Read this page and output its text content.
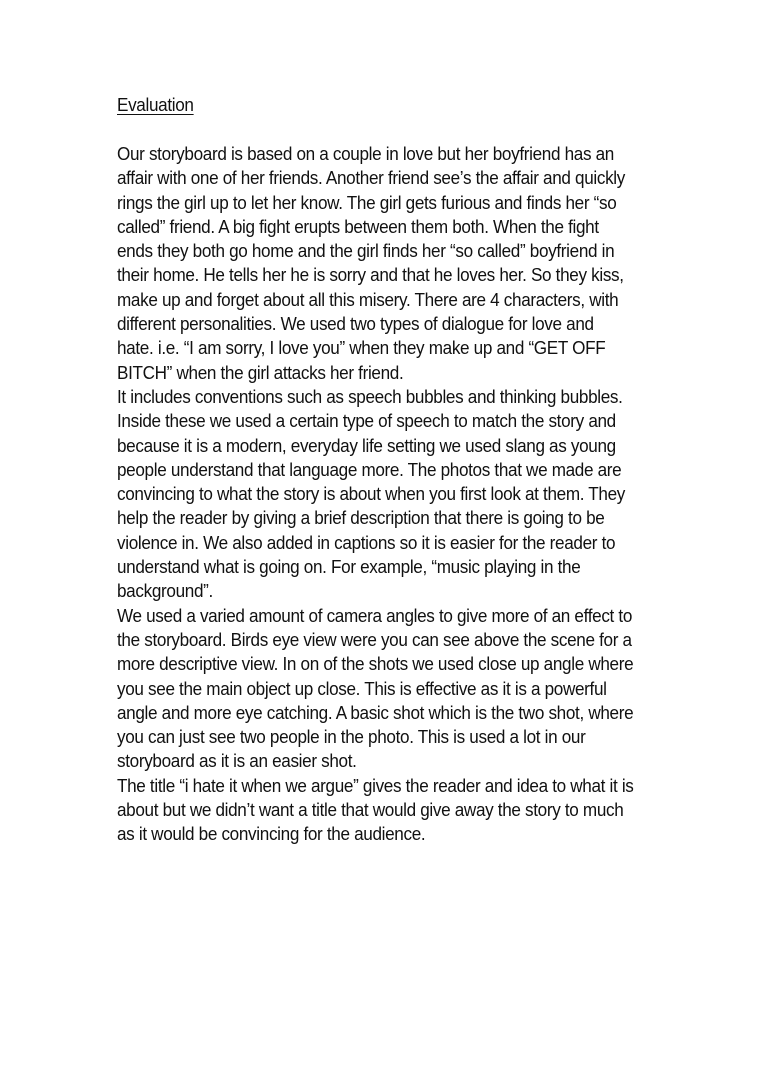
Evaluation
Our storyboard is based on a couple in love but her boyfriend has an
affair with one of her friends. Another friend see’s the affair and quickly
rings the girl up to let her know. The girl gets furious and finds her “so
called” friend. A big fight erupts between them both. When the fight
ends they both go home and the girl finds her “so called” boyfriend in
their home. He tells her he is sorry and that he loves her. So they kiss,
make up and forget about all this misery. There are 4 characters, with
different personalities. We used two types of dialogue for love and
hate. i.e. “I am sorry, I love you” when they make up and “GET OFF
BITCH” when the girl attacks her friend.
It includes conventions such as speech bubbles and thinking bubbles.
Inside these we used a certain type of speech to match the story and
because it is a modern, everyday life setting we used slang as young
people understand that language more. The photos that we made are
convincing to what the story is about when you first look at them. They
help the reader by giving a brief description that there is going to be
violence in. We also added in captions so it is easier for the reader to
understand what is going on. For example, “music playing in the
background”.
We used a varied amount of camera angles to give more of an effect to
the storyboard. Birds eye view were you can see above the scene for a
more descriptive view. In on of the shots we used close up angle where
you see the main object up close. This is effective as it is a powerful
angle and more eye catching. A basic shot which is the two shot, where
you can just see two people in the photo. This is used a lot in our
storyboard as it is an easier shot.
The title “i hate it when we argue” gives the reader and idea to what it is
about but we didn’t want a title that would give away the story to much
as it would be convincing for the audience.
